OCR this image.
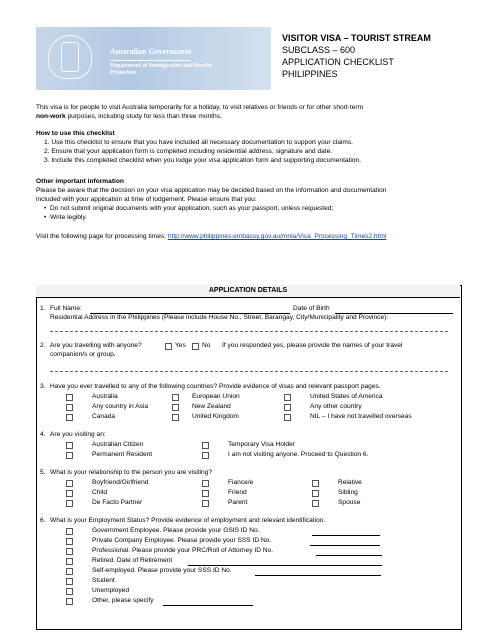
Australian Government
Department of Immigration and Border Protection
VISITOR VISA – TOURIST STREAM
SUBCLASS – 600
APPLICATION CHECKLIST
PHILIPPINES
This visa is for people to visit Australia temporarily for a holiday, to visit relatives or friends or for other short-term
non-work purposes, including study for less than three months.
How to use this checklist
1. Use this checklist to ensure that you have included all necessary documentation to support your claims.
2. Ensure that your application form is completed including residential address, signature and date.
3. Include this completed checklist when you lodge your visa application form and supporting documentation.
Other important information
Please be aware that the decision on your visa application may be decided based on the information and documentation
included with your application at time of lodgement. Please ensure that you:
•  Do not submit original documents with your application, such as your passport, unless requested;
•  Write legibly.
Visit the following page for processing times: http://www.philippines.embassy.gov.au/mnla/Visa_Processing_Times2.html
APPLICATION DETAILS
1. Full Name:	Date of Birth
Residential Address in the Philippines (Please include House No., Street, Barangay, City/Municipality and Province):
2. Are you travelling with anyone?	Yes No If you responded yes, please provide the names of your travel
companion/s or group.
3. Have you ever travelled to any of the following countries? Provide evidence of visas and relevant passport pages.
Australia	European Union	United States of America
Any country in Asia	New Zealand	Any other country
Canada	United Kingdom	NIL – I have not travelled overseas
4. Are you visiting an:
Australian Citizen	Temporary Visa Holder
Permanent Resident	I am not visiting anyone. Proceed to Question 6.
5. What is your relationship to the person you are visiting?
Boyfriend/Girlfriend	Fiance/e	Relative
Child	Friend	Sibling
De Facto Partner	Parent	Spouse
6. What is your Employment Status? Provide evidence of employment and relevant identification.
Government Employee. Please provide your GSIS ID No.
Private Company Employee. Please provide your SSS ID No.
Professional. Please provide your PRC/Roll of Attorney ID No.
Retired. Date of Retirement
Self-employed. Please provide your SSS ID No.
Student
Unemployed
Other, please specify
